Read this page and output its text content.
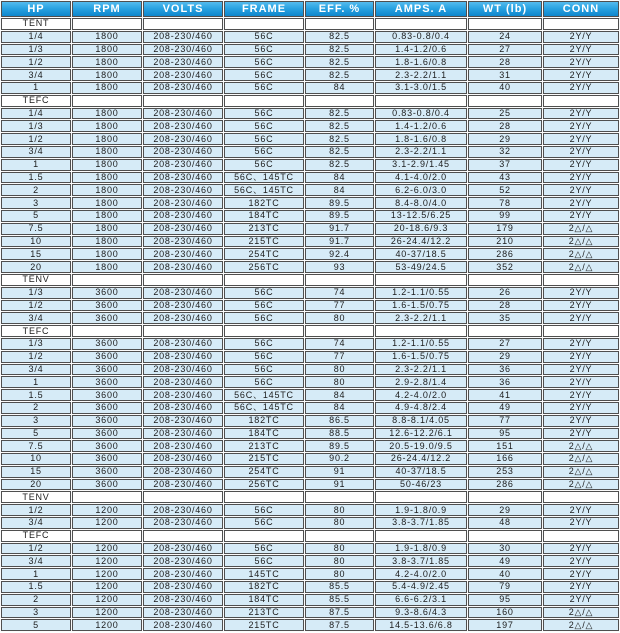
HP	RPM	VOLTS	FRAME	EFF. %	AMPS. A	WT (lb)	CONN
TENT							
1/4	1800	208-230/460	56C	82.5	0.83-0.8/0.4	24	2Y/Y
1/3	1800	208-230/460	56C	82.5	1.4-1.2/0.6	27	2Y/Y
1/2	1800	208-230/460	56C	82.5	1.8-1.6/0.8	28	2Y/Y
3/4	1800	208-230/460	56C	82.5	2.3-2.2/1.1	31	2Y/Y
1	1800	208-230/460	56C	84	3.1-3.0/1.5	40	2Y/Y
TEFC							
1/4	1800	208-230/460	56C	82.5	0.83-0.8/0.4	25	2Y/Y
1/3	1800	208-230/460	56C	82.5	1.4-1.2/0.6	28	2Y/Y
1/2	1800	208-230/460	56C	82.5	1.8-1.6/0.8	29	2Y/Y
3/4	1800	208-230/460	56C	82.5	2.3-2.2/1.1	32	2Y/Y
1	1800	208-230/460	56C	82.5	3.1-2.9/1.45	37	2Y/Y
1.5	1800	208-230/460	56C、145TC	84	4.1-4.0/2.0	43	2Y/Y
2	1800	208-230/460	56C、145TC	84	6.2-6.0/3.0	52	2Y/Y
3	1800	208-230/460	182TC	89.5	8.4-8.0/4.0	78	2Y/Y
5	1800	208-230/460	184TC	89.5	13-12.5/6.25	99	2Y/Y
7.5	1800	208-230/460	213TC	91.7	20-18.6/9.3	179	2△/△
10	1800	208-230/460	215TC	91.7	26-24.4/12.2	210	2△/△
15	1800	208-230/460	254TC	92.4	40-37/18.5	286	2△/△
20	1800	208-230/460	256TC	93	53-49/24.5	352	2△/△
TENV							
1/3	3600	208-230/460	56C	74	1.2-1.1/0.55	26	2Y/Y
1/2	3600	208-230/460	56C	77	1.6-1.5/0.75	28	2Y/Y
3/4	3600	208-230/460	56C	80	2.3-2.2/1.1	35	2Y/Y
TEFC							
1/3	3600	208-230/460	56C	74	1.2-1.1/0.55	27	2Y/Y
1/2	3600	208-230/460	56C	77	1.6-1.5/0.75	29	2Y/Y
3/4	3600	208-230/460	56C	80	2.3-2.2/1.1	36	2Y/Y
1	3600	208-230/460	56C	80	2.9-2.8/1.4	36	2Y/Y
1.5	3600	208-230/460	56C、145TC	84	4.2-4.0/2.0	41	2Y/Y
2	3600	208-230/460	56C、145TC	84	4.9-4.8/2.4	49	2Y/Y
3	3600	208-230/460	182TC	86.5	8.8-8.1/4.05	77	2Y/Y
5	3600	208-230/460	184TC	88.5	12.6-12.2/6.1	95	2Y/Y
7.5	3600	208-230/460	213TC	89.5	20.5-19.0/9.5	151	2△/△
10	3600	208-230/460	215TC	90.2	26-24.4/12.2	166	2△/△
15	3600	208-230/460	254TC	91	40-37/18.5	253	2△/△
20	3600	208-230/460	256TC	91	50-46/23	286	2△/△
TENV							
1/2	1200	208-230/460	56C	80	1.9-1.8/0.9	29	2Y/Y
3/4	1200	208-230/460	56C	80	3.8-3.7/1.85	48	2Y/Y
TEFC							
1/2	1200	208-230/460	56C	80	1.9-1.8/0.9	30	2Y/Y
3/4	1200	208-230/460	56C	80	3.8-3.7/1.85	49	2Y/Y
1	1200	208-230/460	145TC	80	4.2-4.0/2.0	40	2Y/Y
1.5	1200	208-230/460	182TC	85.5	5.4-4.9/2.45	79	2Y/Y
2	1200	208-230/460	184TC	85.5	6.6-6.2/3.1	95	2Y/Y
3	1200	208-230/460	213TC	87.5	9.3-8.6/4.3	160	2△/△
5	1200	208-230/460	215TC	87.5	14.5-13.6/6.8	197	2△/△
